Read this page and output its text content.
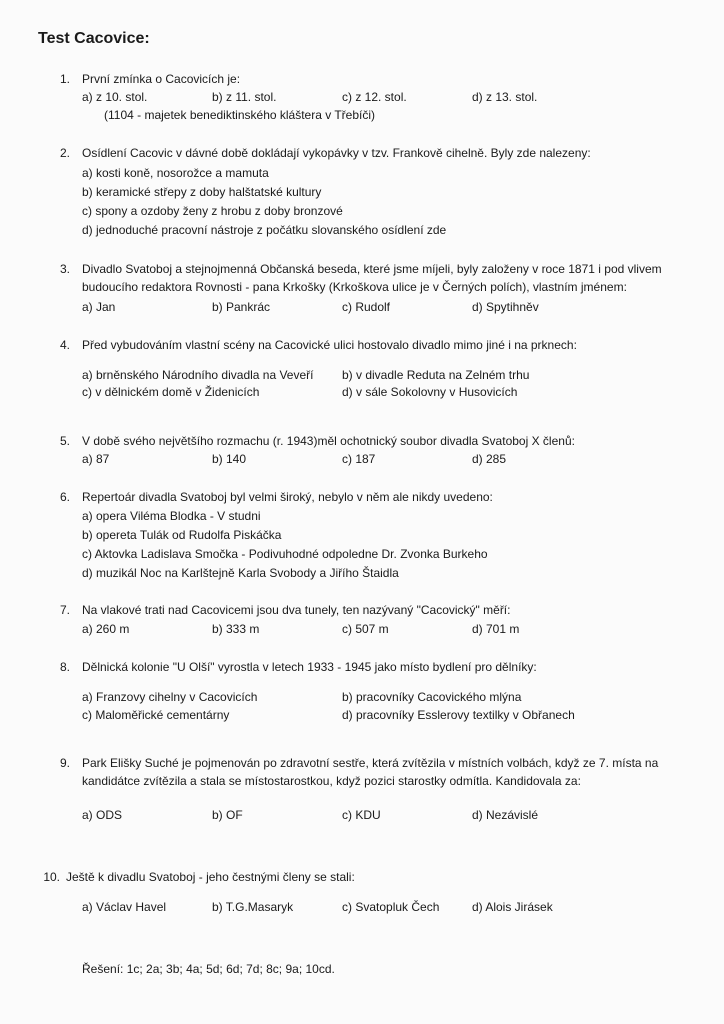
Test Cacovice:
1. První zmínka o Cacovicích je:
a) z 10. stol.	b) z 11. stol.	c) z 12. stol.	d) z 13. stol.
(1104 - majetek benediktinského kláštera v Třebíči)
2. Osídlení Cacovic v dávné době dokládají vykopávky v tzv. Frankově cihelně. Byly zde nalezeny:
a) kosti koně, nosorožce a mamuta
b) keramické střepy z doby halštatské kultury
c) spony a ozdoby ženy z hrobu z doby bronzové
d) jednoduché pracovní nástroje z počátku slovanského osídlení zde
3. Divadlo Svatoboj a stejnojmenná Občanská beseda, které jsme míjeli, byly založeny v roce 1871 i pod vlivem
budoucího redaktora Rovnosti - pana Krkošky (Krkoškova ulice je v Černých polích), vlastním jménem:
a) Jan	b) Pankrác	c) Rudolf	d) Spytihněv
4. Před vybudováním vlastní scény na Cacovické ulici hostovalo divadlo mimo jiné i na prknech:
a) brněnského Národního divadla na Veveří b) v divadle Reduta na Zelném trhu
c) v dělnickém domě v Židenicích	d) v sále Sokolovny v Husovicích
5. V době svého největšího rozmachu (r. 1943)měl ochotnický soubor divadla Svatoboj X členů:
a) 87	b) 140	c) 187	d) 285
6. Repertoár divadla Svatoboj byl velmi široký, nebylo v něm ale nikdy uvedeno:
a) opera Viléma Blodka - V studni
b) opereta Tulák od Rudolfa Piskáčka
c) Aktovka Ladislava Smočka - Podivuhodné odpoledne Dr. Zvonka Burkeho
d) muzikál Noc na Karlštejně Karla Svobody a Jiřího Štaidla
7. Na vlakové trati nad Cacovicemi jsou dva tunely, ten nazývaný "Cacovický" měří:
a) 260 m	b) 333 m	c) 507 m	d) 701 m
8. Dělnická kolonie "U Olší" vyrostla v letech 1933 - 1945 jako místo bydlení pro dělníky:
a) Franzovy cihelny v Cacovicích	b) pracovníky Cacovického mlýna
c) Maloměřické cementárny	d) pracovníky Esslerovy textilky v Obřanech
9. Park Elišky Suché je pojmenován po zdravotní sestře, která zvítězila v místních volbách, když ze 7. místa na
kandidátce zvítězila a stala se místostarostkou, když pozici starostky odmítla. Kandidovala za:
a) ODS	b) OF	c) KDU	d) Nezávislé
10. Ještě k divadlu Svatoboj - jeho čestnými členy se stali:
a) Václav Havel	b) T.G.Masaryk	c) Svatopluk Čech	d) Alois Jirásek
Řešení: 1c; 2a; 3b; 4a; 5d; 6d; 7d; 8c; 9a; 10cd.
